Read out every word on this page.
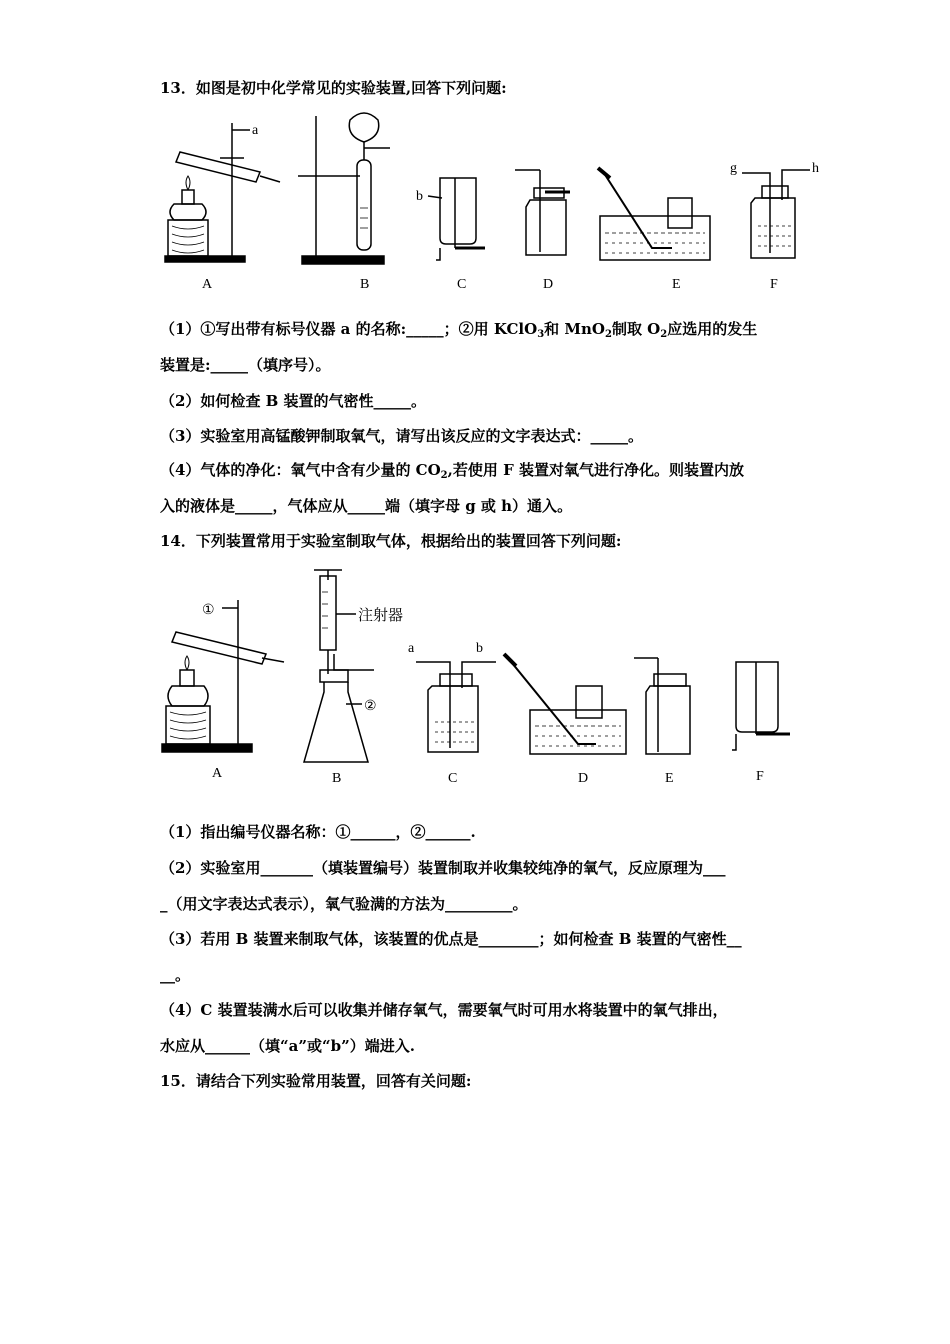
13．如图是初中化学常见的实验装置,回答下列问题:
a
b
g	h
A	B	C	D	E	F
（1）①写出带有标号仪器 a 的名称:_____；②用 KClO$_3$和 MnO$_2$制取 $O_2$应选用的发生
装置是:_____（填序号）。
（2）如何检查 B 装置的气密性_____。
（3）实验室用高锰酸钾制取氧气，请写出该反应的文字表达式：_____。
（4）气体的净化：氧气中含有少量的 $CO_2$,若使用 F 装置对氧气进行净化。则装置内放
入的液体是_____，气体应从_____端（填字母 g 或 h）通入。
14．下列装置常用于实验室制取气体，根据给出的装置回答下列问题:
①	注射器
②
a	b
A	B	C	D	E	F
（1）指出编号仪器名称：①______，②______.
（2）实验室用_______（填装置编号）装置制取并收集较纯净的氧气，反应原理为___
_（用文字表达式表示），氧气验满的方法为_________。
（3）若用 B 装置来制取气体，该装置的优点是________；如何检查 B 装置的气密性__
__。
（4）C 装置装满水后可以收集并储存氧气，需要氧气时可用水将装置中的氧气排出，
水应从______（填“a”或“b”）端进入.
15．请结合下列实验常用装置，回答有关问题:
